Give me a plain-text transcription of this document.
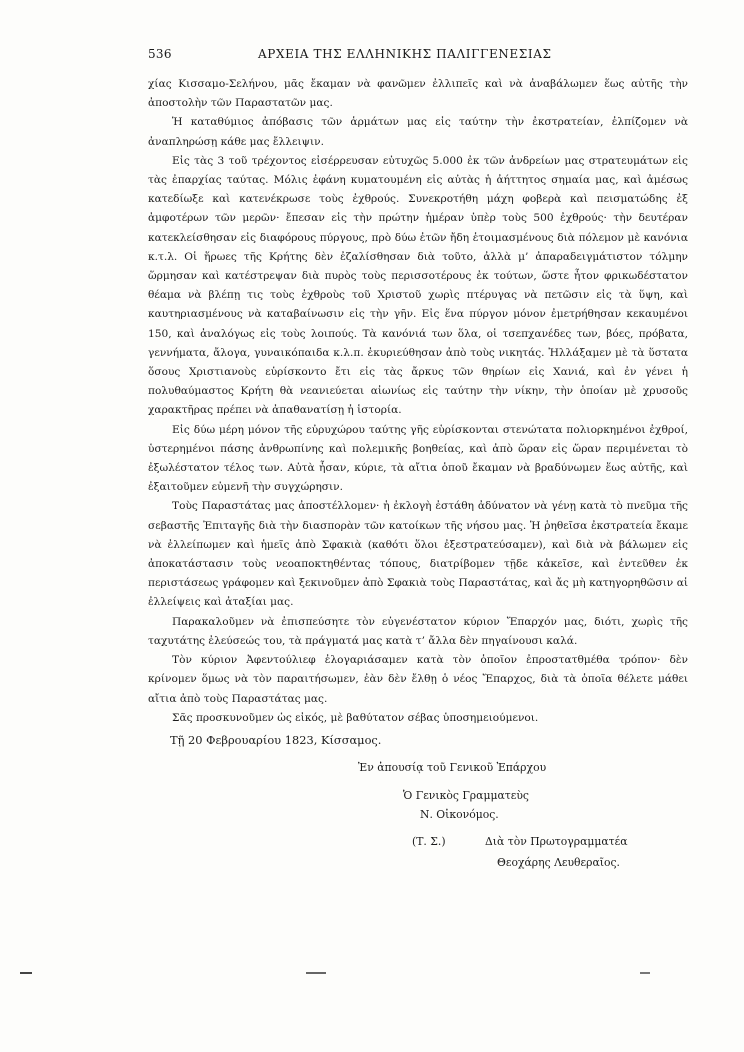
536	ΑΡΧΕΙΑ ΤΗΣ ΕΛΛΗΝΙΚΗΣ ΠΑΛΙΓΓΕΝΕΣΙΑΣ

χίας Κισσαμο-Σελήνου, μᾶς ἔκαμαν νὰ φανῶμεν ἐλλιπεῖς καὶ νὰ ἀναβάλωμεν ἕως αὐτῆς τὴν ἀποστολὴν τῶν Παραστατῶν μας.

Ἡ καταθύμιος ἀπόβασις τῶν ἁρμάτων μας εἰς ταύτην τὴν ἐκστρατείαν, ἐλπίζομεν νὰ ἀναπληρώσῃ κάθε μας ἔλλειψιν.

Εἰς τὰς 3 τοῦ τρέχοντος εἰσέρρευσαν εὐτυχῶς 5.000 ἐκ τῶν ἀνδρείων μας στρατευμάτων εἰς τὰς ἐπαρχίας ταύτας. Μόλις ἐφάνη κυματουμένη εἰς αὐτὰς ἡ ἀήττητος σημαία μας, καὶ ἀμέσως κατεδίωξε καὶ κατενέκρωσε τοὺς ἐχθρούς. Συνεκροτήθη μάχη φοβερὰ καὶ πεισματώδης ἐξ ἀμφοτέρων τῶν μερῶν· ἔπεσαν εἰς τὴν πρώτην ἡμέραν ὑπὲρ τοὺς 500 ἐχθρούς· τὴν δευτέραν κατεκλείσθησαν εἰς διαφόρους πύργους, πρὸ δύω ἐτῶν ἤδη ἑτοιμασμένους διὰ πόλεμον μὲ κανόνια κ.τ.λ. Οἱ ἥρωες τῆς Κρήτης δὲν ἐζαλίσθησαν διὰ τοῦτο, ἀλλὰ μ’ ἀπαραδειγμάτιστον τόλμην ὥρμησαν καὶ κατέστρεψαν διὰ πυρὸς τοὺς περισσοτέρους ἐκ τούτων, ὥστε ἦτον φρικωδέστατον θέαμα νὰ βλέπῃ τις τοὺς ἐχθροὺς τοῦ Χριστοῦ χωρὶς πτέρυγας νὰ πετῶσιν εἰς τὰ ὕψη, καὶ καυτηριασμένους νὰ καταβαίνωσιν εἰς τὴν γῆν. Εἰς ἕνα πύργον μόνον ἐμετρήθησαν κεκαυμένοι 150, καὶ ἀναλόγως εἰς τοὺς λοιπούς. Τὰ κανόνιά των ὅλα, οἱ τσεπχανέδες των, βόες, πρόβατα, γεννήματα, ἄλογα, γυναικόπαιδα κ.λ.π. ἐκυριεύθησαν ἀπὸ τοὺς νικητάς. Ἠλλάξαμεν μὲ τὰ ὕστατα ὅσους Χριστιανοὺς εὑρίσκοντο ἔτι εἰς τὰς ἄρκυς τῶν θηρίων εἰς Χανιά, καὶ ἐν γένει ἡ πολυθαύμαστος Κρήτη θὰ νεανιεύεται αἰωνίως εἰς ταύτην τὴν νίκην, τὴν ὁποίαν μὲ χρυσοῦς χαρακτῆρας πρέπει νὰ ἀπαθανατίσῃ ἡ ἱστορία.

Εἰς δύω μέρη μόνον τῆς εὐρυχώρου ταύτης γῆς εὑρίσκονται στενώτατα πολιορκημένοι ἐχθροί, ὑστερημένοι πάσης ἀνθρωπίνης καὶ πολεμικῆς βοηθείας, καὶ ἀπὸ ὥραν εἰς ὥραν περιμένεται τὸ ἐξωλέστατον τέλος των. Αὐτὰ ἦσαν, κύριε, τὰ αἴτια ὁποῦ ἔκαμαν νὰ βραδύνωμεν ἕως αὐτῆς, καὶ ἐξαιτοῦμεν εὐμενῆ τὴν συγχώρησιν.

Τοὺς Παραστάτας μας ἀποστέλλομεν· ἡ ἐκλογὴ ἐστάθη ἀδύνατον νὰ γένῃ κατὰ τὸ πνεῦμα τῆς σεβαστῆς Ἐπιταγῆς διὰ τὴν διασπορὰν τῶν κατοίκων τῆς νήσου μας. Ἡ ῥηθεῖσα ἐκστρατεία ἔκαμε νὰ ἐλλείπωμεν καὶ ἡμεῖς ἀπὸ Σφακιὰ (καθότι ὅλοι ἐξεστρατεύσαμεν), καὶ διὰ νὰ βάλωμεν εἰς ἀποκατάστασιν τοὺς νεοαποκτηθέντας τόπους, διατρίβομεν τῇδε κἀκεῖσε, καὶ ἐντεῦθεν ἐκ περιστάσεως γράφομεν καὶ ξεκινοῦμεν ἀπὸ Σφακιὰ τοὺς Παραστάτας, καὶ ἄς μὴ κατηγορηθῶσιν αἱ ἐλλείψεις καὶ ἀταξίαι μας.

Παρακαλοῦμεν νὰ ἐπισπεύσητε τὸν εὐγενέστατον κύριον Ἔπαρχόν μας, διότι, χωρὶς τῆς ταχυτάτης ἐλεύσεώς του, τὰ πράγματά μας κατὰ τ’ ἄλλα δὲν πηγαίνουσι καλά.

Τὸν κύριον Ἀφεντούλιεφ ἐλογαριάσαμεν κατὰ τὸν ὁποῖον ἐπροστατθμέθα τρόπον· δὲν κρίνομεν ὅμως νὰ τὸν παραιτήσωμεν, ἐὰν δὲν ἔλθῃ ὁ νέος Ἔπαρχος, διὰ τὰ ὁποῖα θέλετε μάθει αἴτια ἀπὸ τοὺς Παραστάτας μας.

Σᾶς προσκυνοῦμεν ὡς εἰκός, μὲ βαθύτατον σέβας ὑποσημειούμενοι.

Τῇ 20 Φεβρουαρίου 1823, Κίσσαμος.
Ἐν ἀπουσίᾳ τοῦ Γενικοῦ Ἐπάρχου
Ὁ Γενικὸς Γραμματεὺς
Ν. Οἰκονόμος.
(Τ. Σ.)	Διὰ τὸν Πρωτογραμματέα
Θεοχάρης Λευθεραῖος.
